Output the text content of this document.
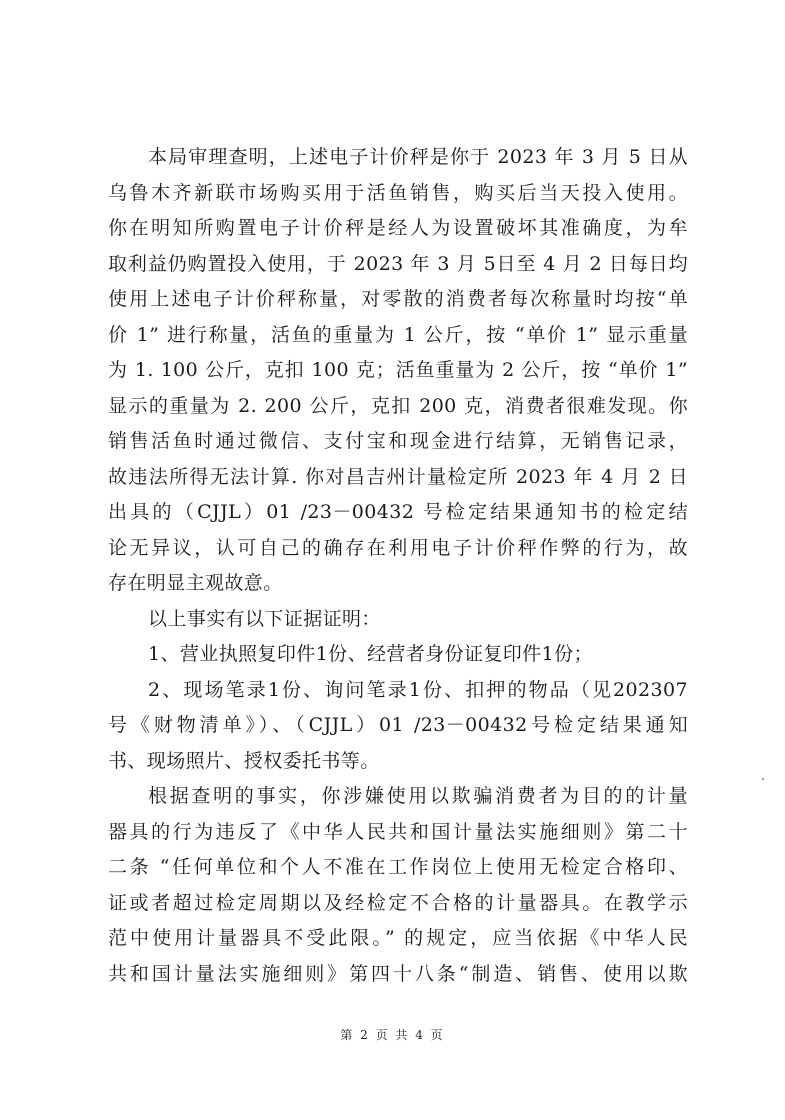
本局审理查明，上述电子计价秤是你于 2023 年 3 月 5 日从
乌鲁木齐新联市场购买用于活鱼销售，购买后当天投入使用。
你在明知所购置电子计价秤是经人为设置破坏其准确度，为牟
取利益仍购置投入使用，于 2023 年 3 月 5日至 4 月 2 日每日均
使用上述电子计价秤称量，对零散的消费者每次称量时均按“单
价 1” 进行称量，活鱼的重量为 1 公斤，按 “单价 1” 显示重量
为 1. 100 公斤，克扣 100 克；活鱼重量为 2 公斤，按 “单价 1”
显示的重量为 2. 200 公斤，克扣 200 克，消费者很难发现。你
销售活鱼时通过微信、支付宝和现金进行结算，无销售记录，
故违法所得无法计算. 你对昌吉州计量检定所 2023 年 4 月 2 日
出具的（CJJL）01 /23－00432 号检定结果通知书的检定结
论无异议，认可自己的确存在利用电子计价秤作弊的行为，故
存在明显主观故意。
以上事实有以下证据证明：
1、营业执照复印件1份、经营者身份证复印件1份；
2、现场笔录1份、询问笔录1份、扣押的物品（见202307
号《财物清单》）、（CJJL）01 /23－00432号检定结果通知
书、现场照片、授权委托书等。
根据查明的事实，你涉嫌使用以欺骗消费者为目的的计量
器具的行为违反了《中华人民共和国计量法实施细则》第二十
二条 “任何单位和个人不准在工作岗位上使用无检定合格印、
证或者超过检定周期以及经检定不合格的计量器具。在教学示
范中使用计量器具不受此限。” 的规定，应当依据《中华人民
共和国计量法实施细则》第四十八条“制造、销售、使用以欺
第 2 页 共 4 页
